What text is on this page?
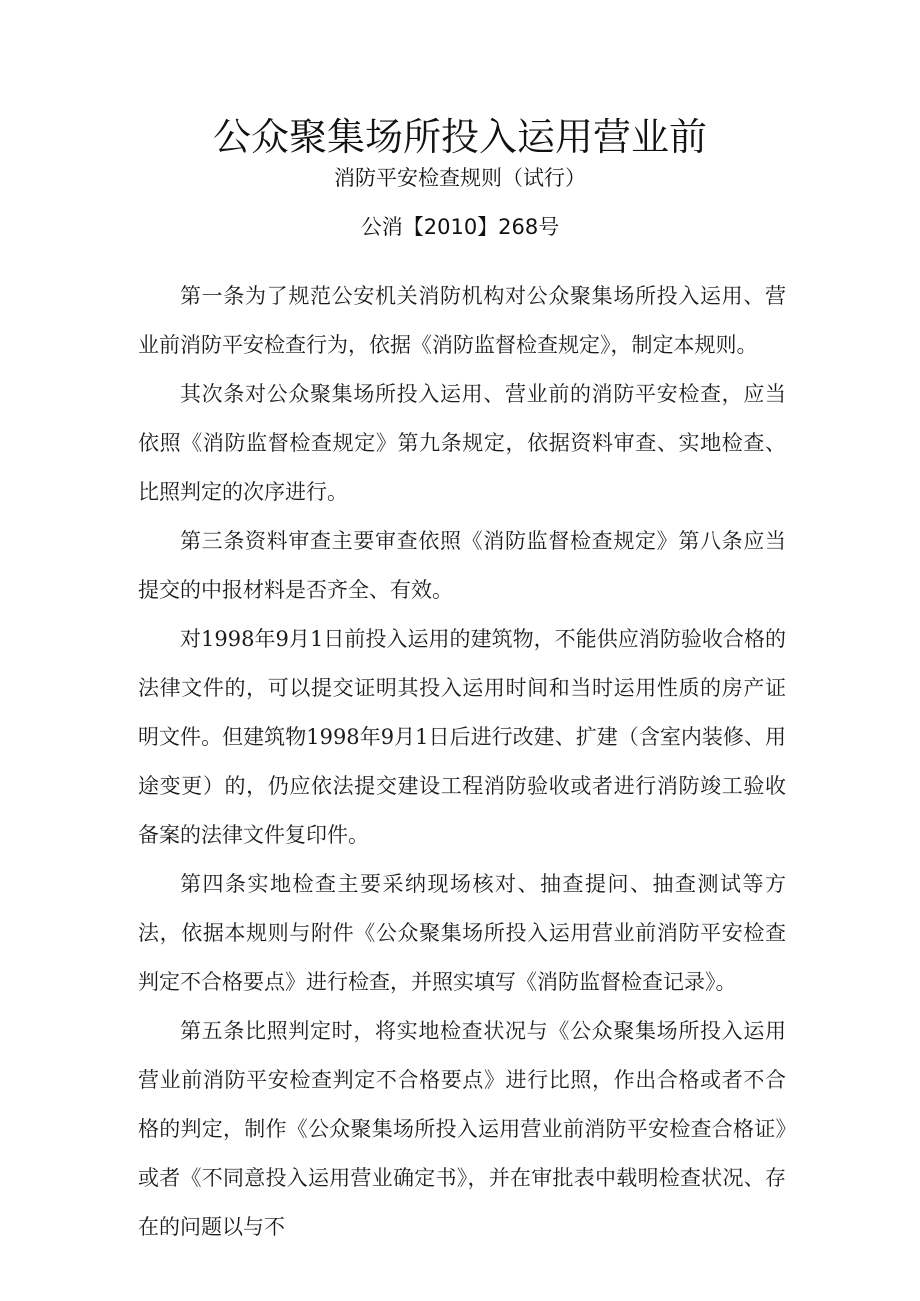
公众聚集场所投入运用营业前
消防平安检查规则（试行）
公消【2010】268号

第一条为了规范公安机关消防机构对公众聚集场所投入运用、营业前消防平安检查行为，依据《消防监督检查规定》，制定本规则。

其次条对公众聚集场所投入运用、营业前的消防平安检查，应当依照《消防监督检查规定》第九条规定，依据资料审查、实地检查、比照判定的次序进行。

第三条资料审查主要审查依照《消防监督检查规定》第八条应当提交的中报材料是否齐全、有效。

对1998年9月1日前投入运用的建筑物，不能供应消防验收合格的法律文件的，可以提交证明其投入运用时间和当时运用性质的房产证明文件。但建筑物1998年9月1日后进行改建、扩建（含室内装修、用途变更）的，仍应依法提交建设工程消防验收或者进行消防竣工验收备案的法律文件复印件。

第四条实地检查主要采纳现场核对、抽查提问、抽查测试等方法，依据本规则与附件《公众聚集场所投入运用营业前消防平安检查判定不合格要点》进行检查，并照实填写《消防监督检查记录》。

第五条比照判定时，将实地检查状况与《公众聚集场所投入运用营业前消防平安检查判定不合格要点》进行比照，作出合格或者不合格的判定，制作《公众聚集场所投入运用营业前消防平安检查合格证》或者《不同意投入运用营业确定书》，并在审批表中载明检查状况、存在的问题以与不
